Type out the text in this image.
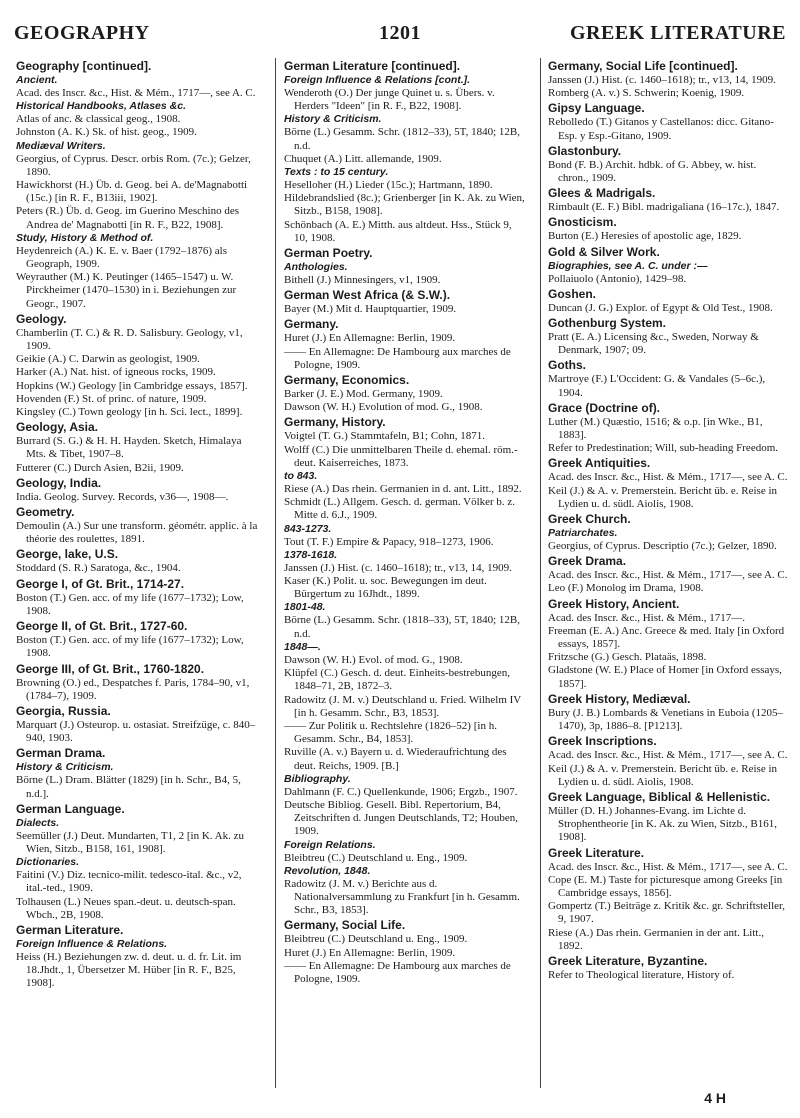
GEOGRAPHY	1201	GREEK LITERATURE
Geography [continued].
Ancient.
Acad. des Inscr. &c., Hist. & Mém., 1717—, see A. C.
Historical Handbooks, Atlases &c.
Atlas of anc. & classical geog., 1908.
Johnston (A. K.) Sk. of hist. geog., 1909.
Mediæval Writers.
Georgius, of Cyprus. Descr. orbis Rom. (7c.); Gelzer, 1890.
Hawickhorst (H.) Üb. d. Geog. bei A. de'Magnabotti (15c.) [in R. F., B13iii, 1902].
Peters (R.) Üb. d. Geog. im Guerino Meschino des Andrea de' Magnabotti [in R. F., B22, 1908].
Study, History & Method of.
Heydenreich (A.) K. E. v. Baer (1792–1876) als Geograph, 1909.
Weyrauther (M.) K. Peutinger (1465–1547) u. W. Pirckheimer (1470–1530) in i. Beziehungen zur Geogr., 1907.
Geology.
Chamberlin (T. C.) & R. D. Salisbury. Geology, v1, 1909.
Geikie (A.) C. Darwin as geologist, 1909.
Harker (A.) Nat. hist. of igneous rocks, 1909.
Hopkins (W.) Geology [in Cambridge essays, 1857].
Hovenden (F.) St. of princ. of nature, 1909.
Kingsley (C.) Town geology [in h. Sci. lect., 1899].
Geology, Asia.
Burrard (S. G.) & H. H. Hayden. Sketch, Himalaya Mts. & Tibet, 1907–8.
Futterer (C.) Durch Asien, B2ii, 1909.
Geology, India.
India. Geolog. Survey. Records, v36—, 1908—.
Geometry.
Demoulin (A.) Sur une transform. géométr. applic. à la théorie des roulettes, 1891.
George, lake, U.S.
Stoddard (S. R.) Saratoga, &c., 1904.
George I, of Gt. Brit., 1714-27.
Boston (T.) Gen. acc. of my life (1677–1732); Low, 1908.
George II, of Gt. Brit., 1727-60.
Boston (T.) Gen. acc. of my life (1677–1732); Low, 1908.
George III, of Gt. Brit., 1760-1820.
Browning (O.) ed., Despatches f. Paris, 1784–90, v1, (1784–7), 1909.
Georgia, Russia.
Marquart (J.) Osteurop. u. ostasiat. Streifzüge, c. 840–940, 1903.
German Drama.
History & Criticism.
Börne (L.) Dram. Blätter (1829) [in h. Schr., B4, 5, n.d.].
German Language.
Dialects.
Seemüller (J.) Deut. Mundarten, T1, 2 [in K. Ak. zu Wien, Sitzb., B158, 161, 1908].
Dictionaries.
Faitini (V.) Diz. tecnico-milit. tedesco-ital. &c., v2, ital.-ted., 1909.
Tolhausen (L.) Neues span.-deut. u. deutsch-span. Wbch., 2B, 1908.
German Literature.
Foreign Influence & Relations.
Heiss (H.) Beziehungen zw. d. deut. u. d. fr. Lit. im 18.Jhdt., 1, Übersetzer M. Hüber [in R. F., B25, 1908].
German Literature [continued].
Foreign Influence & Relations [cont.].
Wenderoth (O.) Der junge Quinet u. s. Übers. v. Herders "Ideen" [in R. F., B22, 1908].
History & Criticism.
Börne (L.) Gesamm. Schr. (1812–33), 5T, 1840; 12B, n.d.
Chuquet (A.) Litt. allemande, 1909.
Texts : to 15 century.
Heselloher (H.) Lieder (15c.); Hartmann, 1890.
Hildebrandslied (8c.); Grienberger [in K. Ak. zu Wien, Sitzb., B158, 1908].
Schönbach (A. E.) Mitth. aus altdeut. Hss., Stück 9, 10, 1908.
German Poetry.
Anthologies.
Bithell (J.) Minnesingers, v1, 1909.
German West Africa (& S.W.).
Bayer (M.) Mit d. Hauptquartier, 1909.
Germany.
Huret (J.) En Allemagne: Berlin, 1909.
—— En Allemagne: De Hambourg aux marches de Pologne, 1909.
Germany, Economics.
Barker (J. E.) Mod. Germany, 1909.
Dawson (W. H.) Evolution of mod. G., 1908.
Germany, History.
Voigtel (T. G.) Stammtafeln, B1; Cohn, 1871.
Wolff (C.) Die unmittelbaren Theile d. ehemal. röm.-deut. Kaiserreiches, 1873.
to 843.
Riese (A.) Das rhein. Germanien in d. ant. Litt., 1892.
Schmidt (L.) Allgem. Gesch. d. german. Völker b. z. Mitte d. 6.J., 1909.
843-1273.
Tout (T. F.) Empire & Papacy, 918–1273, 1906.
1378-1618.
Janssen (J.) Hist. (c. 1460–1618); tr., v13, 14, 1909.
Kaser (K.) Polit. u. soc. Bewegungen im deut. Bürgertum zu 16Jhdt., 1899.
1801-48.
Börne (L.) Gesamm. Schr. (1818–33), 5T, 1840; 12B, n.d.
1848—.
Dawson (W. H.) Evol. of mod. G., 1908.
Klüpfel (C.) Gesch. d. deut. Einheits-bestrebungen, 1848–71, 2B, 1872–3.
Radowitz (J. M. v.) Deutschland u. Fried. Wilhelm IV [in h. Gesamm. Schr., B3, 1853].
—— Zur Politik u. Rechtslehre (1826–52) [in h. Gesamm. Schr., B4, 1853].
Ruville (A. v.) Bayern u. d. Wiederaufrichtung des deut. Reichs, 1909. [B.]
Bibliography.
Dahlmann (F. C.) Quellenkunde, 1906; Ergzb., 1907.
Deutsche Bibliog. Gesell. Bibl. Repertorium, B4, Zeitschriften d. Jungen Deutschlands, T2; Houben, 1909.
Foreign Relations.
Bleibtreu (C.) Deutschland u. Eng., 1909.
Revolution, 1848.
Radowitz (J. M. v.) Berichte aus d. Nationalversammlung zu Frankfurt [in h. Gesamm. Schr., B3, 1853].
Germany, Social Life.
Bleibtreu (C.) Deutschland u. Eng., 1909.
Huret (J.) En Allemagne: Berlin, 1909.
—— En Allemagne: De Hambourg aux marches de Pologne, 1909.
Germany, Social Life [continued].
Janssen (J.) Hist. (c. 1460–1618); tr., v13, 14, 1909.
Romberg (A. v.) S. Schwerin; Koenig, 1909.
Gipsy Language.
Rebolledo (T.) Gitanos y Castellanos: dicc. Gitano-Esp. y Esp.-Gitano, 1909.
Glastonbury.
Bond (F. B.) Archit. hdbk. of G. Abbey, w. hist. chron., 1909.
Glees & Madrigals.
Rimbault (E. F.) Bibl. madrigaliana (16–17c.), 1847.
Gnosticism.
Burton (E.) Heresies of apostolic age, 1829.
Gold & Silver Work.
Biographies, see A. C. under :—
Pollaiuolo (Antonio), 1429–98.
Goshen.
Duncan (J. G.) Explor. of Egypt & Old Test., 1908.
Gothenburg System.
Pratt (E. A.) Licensing &c., Sweden, Norway & Denmark, 1907; 09.
Goths.
Martroye (F.) L'Occident: G. & Vandales (5–6c.), 1904.
Grace (Doctrine of).
Luther (M.) Quæstio, 1516; & o.p. [in Wke., B1, 1883].
Refer to Predestination; Will, sub-heading Freedom.
Greek Antiquities.
Acad. des Inscr. &c., Hist. & Mém., 1717—, see A. C.
Keil (J.) & A. v. Premerstein. Bericht üb. e. Reise in Lydien u. d. südl. Aiolis, 1908.
Greek Church.
Patriarchates.
Georgius, of Cyprus. Descriptio (7c.); Gelzer, 1890.
Greek Drama.
Acad. des Inscr. &c., Hist. & Mém., 1717—, see A. C.
Leo (F.) Monolog im Drama, 1908.
Greek History, Ancient.
Acad. des Inscr. &c., Hist. & Mém., 1717—.
Freeman (E. A.) Anc. Greece & med. Italy [in Oxford essays, 1857].
Fritzsche (G.) Gesch. Plataäs, 1898.
Gladstone (W. E.) Place of Homer [in Oxford essays, 1857].
Greek History, Mediæval.
Bury (J. B.) Lombards & Venetians in Euboia (1205–1470), 3p, 1886–8. [P1213].
Greek Inscriptions.
Acad. des Inscr. &c., Hist. & Mém., 1717—, see A. C.
Keil (J.) & A. v. Premerstein. Bericht üb. e. Reise in Lydien u. d. südl. Aiolis, 1908.
Greek Language, Biblical & Hellenistic.
Müller (D. H.) Johannes-Evang. im Lichte d. Strophentheorie [in K. Ak. zu Wien, Sitzb., B161, 1908].
Greek Literature.
Acad. des Inscr. &c., Hist. & Mém., 1717—, see A. C.
Cope (E. M.) Taste for picturesque among Greeks [in Cambridge essays, 1856].
Gompertz (T.) Beiträge z. Kritik &c. gr. Schriftsteller, 9, 1907.
Riese (A.) Das rhein. Germanien in der ant. Litt., 1892.
Greek Literature, Byzantine.
Refer to Theological literature, History of.
4 H
